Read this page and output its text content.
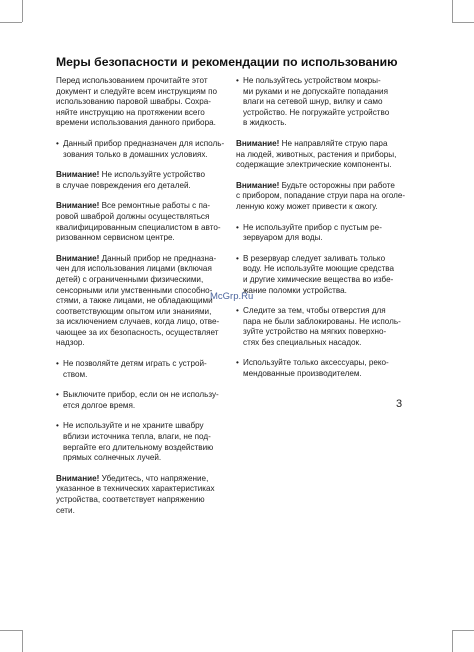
Меры безопасности и рекомендации по использованию

Перед использованием прочитайте этот
документ и следуйте всем инструкциям по
использованию паровой швабры. Сохра-
няйте инструкцию на протяжении всего
времени использования данного прибора.

• Данный прибор предназначен для исполь-
зования только в домашних условиях.

Внимание! Не используйте устройство
в случае повреждения его деталей.

Внимание! Все ремонтные работы с па-
ровой шваброй должны осуществляться
квалифицированным специалистом в авто-
ризованном сервисном центре.

Внимание! Данный прибор не предназна-
чен для использования лицами (включая
детей) с ограниченными физическими,
сенсорными или умственными способно-
стями, а также лицами, не обладающими
соответствующим опытом или знаниями,
за исключением случаев, когда лицо, отве-
чающее за их безопасность, осуществляет
надзор.

• Не позволяйте детям играть с устрой-
ством.

• Выключите прибор, если он не использу-
ется долгое время.

• Не используйте и не храните швабру
вблизи источника тепла, влаги, не под-
вергайте его длительному воздействию
прямых солнечных лучей.

Внимание! Убедитесь, что напряжение,
указанное в технических характеристиках
устройства, соответствует напряжению
сети.

• Не пользуйтесь устройством мокры-
ми руками и не допускайте попадания
влаги на сетевой шнур, вилку и само
устройство. Не погружайте устройство
в жидкость.

Внимание! Не направляйте струю пара
на людей, животных, растения и приборы,
содержащие электрические компоненты.

Внимание! Будьте осторожны при работе
с прибором, попадание струи пара на оголе-
ленную кожу может привести к ожогу.

• Не используйте прибор с пустым ре-
зервуаром для воды.

• В резервуар следует заливать только
воду. Не используйте моющие средства
и другие химические вещества во избе-
жание поломки устройства.

• Следите за тем, чтобы отверстия для
пара не были заблокированы. Не исполь-
зуйте устройство на мягких поверхно-
стях без специальных насадок.

• Используйте только аксессуары, реко-
мендованные производителем.

McGrp.Ru
3
